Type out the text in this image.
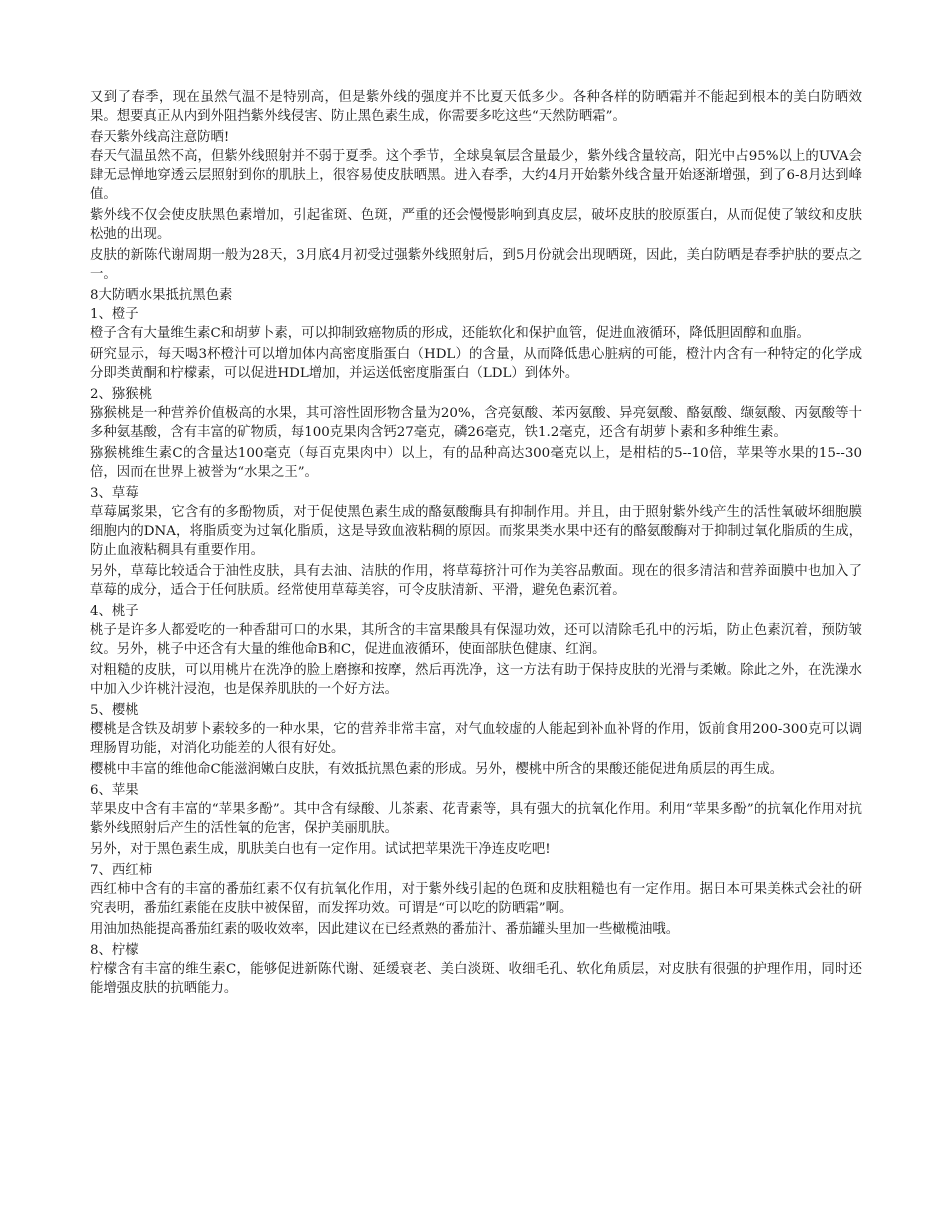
又到了春季，现在虽然气温不是特别高，但是紫外线的强度并不比夏天低多少。各种各样的防晒霜并不能起到根本的美白防晒效果。想要真正从内到外阻挡紫外线侵害、防止黑色素生成，你需要多吃这些“天然防晒霜”。

春天紫外线高注意防晒!

春天气温虽然不高，但紫外线照射并不弱于夏季。这个季节，全球臭氧层含量最少，紫外线含量较高，阳光中占95%以上的UVA会肆无忌惮地穿透云层照射到你的肌肤上，很容易使皮肤晒黑。进入春季，大约4月开始紫外线含量开始逐渐增强，到了6-8月达到峰值。

紫外线不仅会使皮肤黑色素增加，引起雀斑、色斑，严重的还会慢慢影响到真皮层，破坏皮肤的胶原蛋白，从而促使了皱纹和皮肤松弛的出现。

皮肤的新陈代谢周期一般为28天，3月底4月初受过强紫外线照射后，到5月份就会出现晒斑，因此，美白防晒是春季护肤的要点之一。

8大防晒水果抵抗黑色素

1、橙子

橙子含有大量维生素C和胡萝卜素，可以抑制致癌物质的形成，还能软化和保护血管，促进血液循环，降低胆固醇和血脂。

研究显示，每天喝3杯橙汁可以增加体内高密度脂蛋白（HDL）的含量，从而降低患心脏病的可能，橙汁内含有一种特定的化学成分即类黄酮和柠檬素，可以促进HDL增加，并运送低密度脂蛋白（LDL）到体外。

2、猕猴桃

猕猴桃是一种营养价值极高的水果，其可溶性固形物含量为20%，含亮氨酸、苯丙氨酸、异亮氨酸、酪氨酸、缬氨酸、丙氨酸等十多种氨基酸，含有丰富的矿物质，每100克果肉含钙27毫克，磷26毫克，铁1.2毫克，还含有胡萝卜素和多种维生素。

猕猴桃维生素C的含量达100毫克（每百克果肉中）以上，有的品种高达300毫克以上，是柑桔的5--10倍，苹果等水果的15--30倍，因而在世界上被誉为“水果之王”。

3、草莓

草莓属浆果，它含有的多酚物质，对于促使黑色素生成的酪氨酸酶具有抑制作用。并且，由于照射紫外线产生的活性氧破坏细胞膜细胞内的DNA，将脂质变为过氧化脂质，这是导致血液粘稠的原因。而浆果类水果中还有的酪氨酸酶对于抑制过氧化脂质的生成，防止血液粘稠具有重要作用。

另外，草莓比较适合于油性皮肤，具有去油、洁肤的作用，将草莓挤汁可作为美容品敷面。现在的很多清洁和营养面膜中也加入了草莓的成分，适合于任何肤质。经常使用草莓美容，可令皮肤清新、平滑，避免色素沉着。

4、桃子

桃子是许多人都爱吃的一种香甜可口的水果，其所含的丰富果酸具有保湿功效，还可以清除毛孔中的污垢，防止色素沉着，预防皱纹。另外，桃子中还含有大量的维他命B和C，促进血液循环，使面部肤色健康、红润。

对粗糙的皮肤，可以用桃片在洗净的脸上磨擦和按摩，然后再洗净，这一方法有助于保持皮肤的光滑与柔嫩。除此之外，在洗澡水中加入少许桃汁浸泡，也是保养肌肤的一个好方法。

5、樱桃

樱桃是含铁及胡萝卜素较多的一种水果，它的营养非常丰富，对气血较虚的人能起到补血补肾的作用，饭前食用200-300克可以调理肠胃功能，对消化功能差的人很有好处。

樱桃中丰富的维他命C能滋润嫩白皮肤，有效抵抗黑色素的形成。另外，樱桃中所含的果酸还能促进角质层的再生成。

6、苹果

苹果皮中含有丰富的“苹果多酚”。其中含有绿酸、儿茶素、花青素等，具有强大的抗氧化作用。利用“苹果多酚”的抗氧化作用对抗紫外线照射后产生的活性氧的危害，保护美丽肌肤。

另外，对于黑色素生成，肌肤美白也有一定作用。试试把苹果洗干净连皮吃吧!

7、西红柿

西红柿中含有的丰富的番茄红素不仅有抗氧化作用，对于紫外线引起的色斑和皮肤粗糙也有一定作用。据日本可果美株式会社的研究表明，番茄红素能在皮肤中被保留，而发挥功效。可谓是“可以吃的防晒霜”啊。

用油加热能提高番茄红素的吸收效率，因此建议在已经煮熟的番茄汁、番茄罐头里加一些橄榄油哦。

8、柠檬

柠檬含有丰富的维生素C，能够促进新陈代谢、延缓衰老、美白淡斑、收细毛孔、软化角质层，对皮肤有很强的护理作用，同时还能增强皮肤的抗晒能力。
